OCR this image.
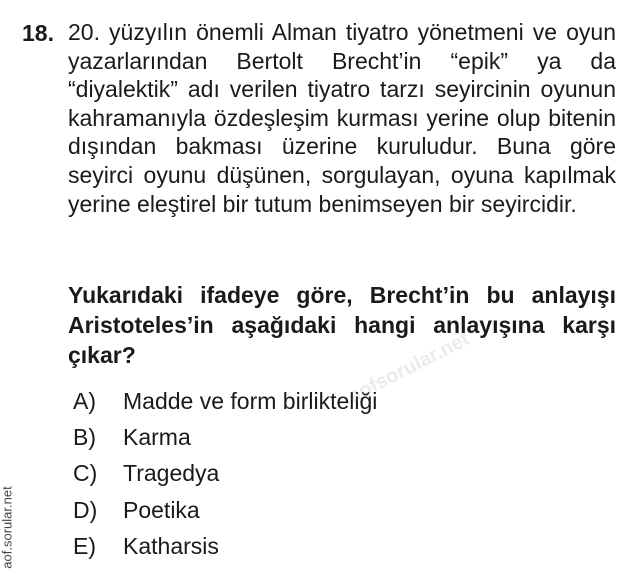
18. 20. yüzyılın önemli Alman tiyatro yönetmeni ve oyun yazarlarından Bertolt Brecht’in “epik” ya da “diyalektik” adı verilen tiyatro tarzı seyircinin oyunun kahramanıyla özdeşleşim kurması yerine olup bitenin dışından bakması üzerine kuruludur. Buna göre seyirci oyunu düşünen, sorgulayan, oyuna kapılmak yerine eleştirel bir tutum benimseyen bir seyircidir.
Yukarıdaki ifadeye göre, Brecht’in bu anlayışı Aristoteles’in aşağıdaki hangi anlayışına karşı çıkar?
A)	Madde ve form birlikteliği
B)	Karma
C)	Tragedya
D)	Poetika
E)	Katharsis
aofsorular.net
aof.sorular.net
